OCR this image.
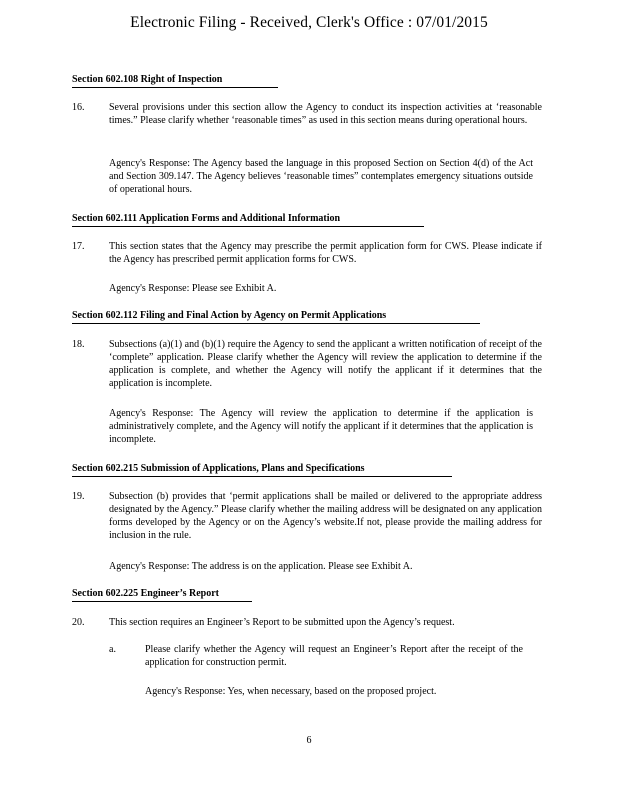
Electronic Filing - Received, Clerk's Office : 07/01/2015
Section 602.108 Right of Inspection
16. Several provisions under this section allow the Agency to conduct its inspection activities at ‘reasonable times.” Please clarify whether ‘reasonable times” as used in this section means during operational hours.
Agency's Response: The Agency based the language in this proposed Section on Section 4(d) of the Act and Section 309.147. The Agency believes ‘reasonable times” contemplates emergency situations outside of operational hours.
Section 602.111 Application Forms and Additional Information
17. This section states that the Agency may prescribe the permit application form for CWS. Please indicate if the Agency has prescribed permit application forms for CWS.
Agency's Response: Please see Exhibit A.
Section 602.112 Filing and Final Action by Agency on Permit Applications
18. Subsections (a)(1) and (b)(1) require the Agency to send the applicant a written notification of receipt of the ‘complete” application. Please clarify whether the Agency will review the application to determine if the application is complete, and whether the Agency will notify the applicant if it determines that the application is incomplete.
Agency's Response: The Agency will review the application to determine if the application is administratively complete, and the Agency will notify the applicant if it determines that the application is incomplete.
Section 602.215 Submission of Applications, Plans and Specifications
19. Subsection (b) provides that ‘permit applications shall be mailed or delivered to the appropriate address designated by the Agency.” Please clarify whether the mailing address will be designated on any application forms developed by the Agency or on the Agency’s website.If not, please provide the mailing address for inclusion in the rule.
Agency's Response: The address is on the application. Please see Exhibit A.
Section 602.225 Engineer’s Report
20. This section requires an Engineer’s Report to be submitted upon the Agency’s request.
a.	Please clarify whether the Agency will request an Engineer’s Report after the receipt of the application for construction permit.
Agency's Response: Yes, when necessary, based on the proposed project.
6
